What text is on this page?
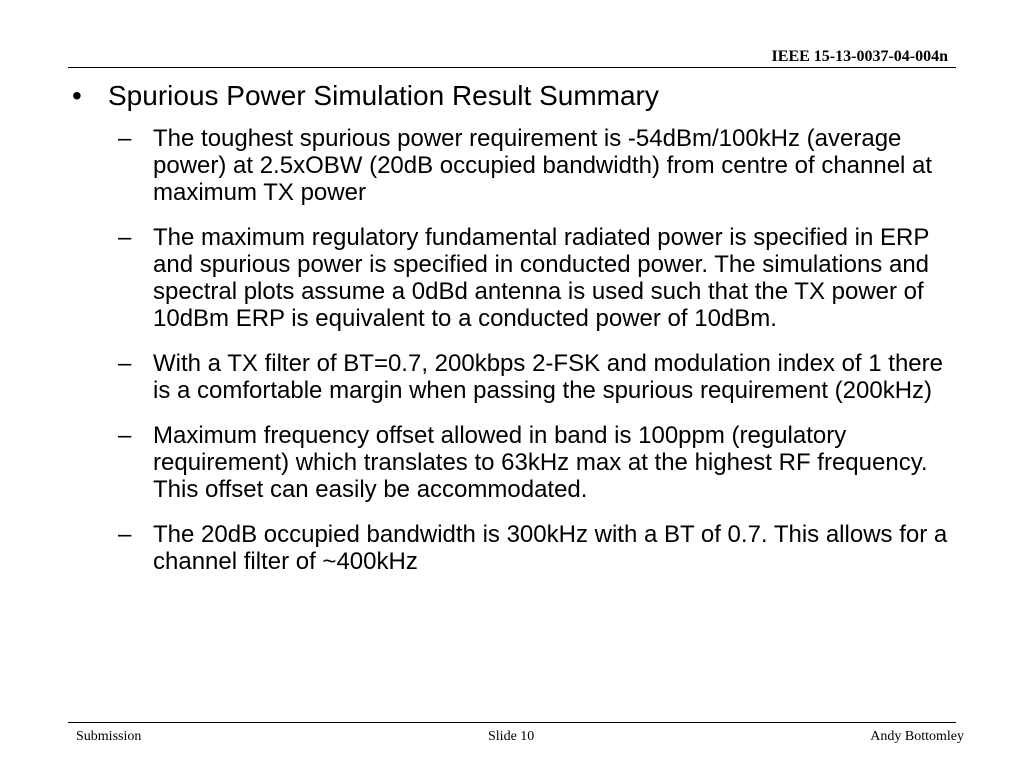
IEEE 15-13-0037-04-004n
• Spurious Power Simulation Result Summary
– The toughest spurious power requirement is -54dBm/100kHz (average power) at 2.5xOBW (20dB occupied bandwidth) from centre of channel at maximum TX power
– The maximum regulatory fundamental radiated power is specified in ERP and spurious power is specified in conducted power. The simulations and spectral plots assume a 0dBd antenna is used such that the TX power of 10dBm ERP is equivalent to a conducted power of 10dBm.
– With a TX filter of BT=0.7, 200kbps 2-FSK and modulation index of 1 there is a comfortable margin when passing the spurious requirement (200kHz)
– Maximum frequency offset allowed in band is 100ppm (regulatory requirement) which translates to 63kHz max at the highest RF frequency. This offset can easily be accommodated.
– The 20dB occupied bandwidth is 300kHz with a BT of 0.7. This allows for a channel filter of ~400kHz
Submission	Slide 10	Andy Bottomley
